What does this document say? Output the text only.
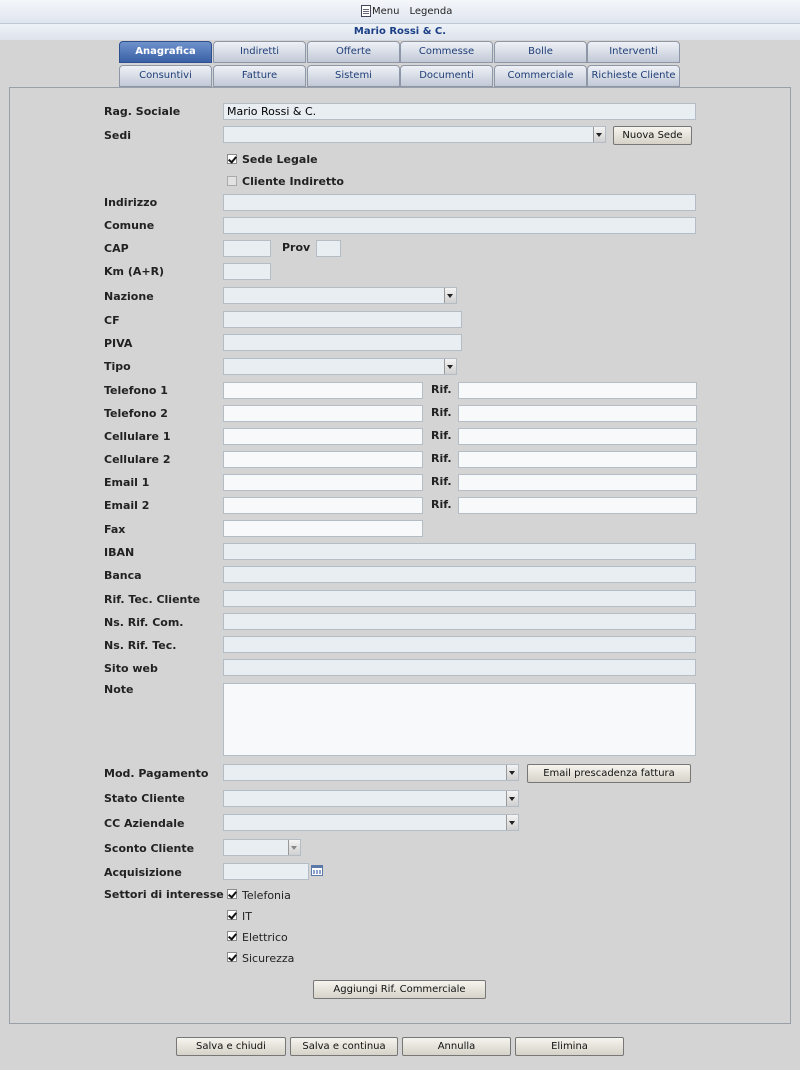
Menu Legenda
Mario Rossi & C.
Anagrafica	Indiretti	Offerte	Commesse	Bolle	Interventi
Consuntivi	Fatture	Sistemi	Documenti	Commerciale	Richieste Cliente
Rag. Sociale	Mario Rossi & C.
Sedi	Nuova Sede
Sede Legale
Cliente Indiretto
Indirizzo
Comune
CAP	Prov
Km (A+R)
Nazione
CF
PIVA
Tipo
Telefono 1	Rif.
Telefono 2	Rif.
Cellulare 1	Rif.
Cellulare 2	Rif.
Email 1	Rif.
Email 2	Rif.
Fax
IBAN
Banca
Rif. Tec. Cliente
Ns. Rif. Com.
Ns. Rif. Tec.
Sito web
Note
Mod. Pagamento	Email prescadenza fattura
Stato Cliente
CC Aziendale
Sconto Cliente
Acquisizione
Settori di interesse Telefonia
IT
Elettrico
Sicurezza
Aggiungi Rif. Commerciale
Salva e chiudi	Salva e continua	Annulla	Elimina
